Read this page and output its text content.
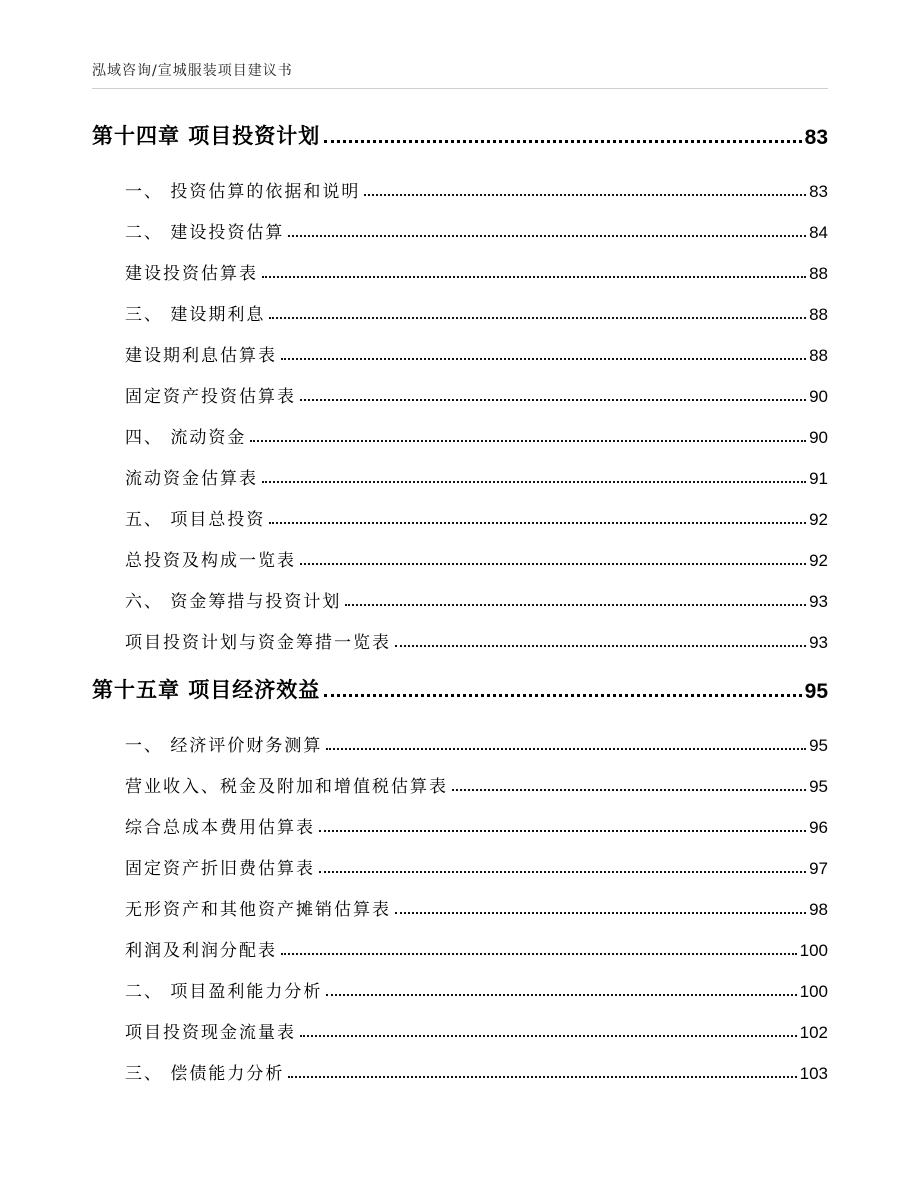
泓域咨询/宣城服装项目建议书
第十四章 项目投资计划	83
一、 投资估算的依据和说明	83
二、 建设投资估算	84
建设投资估算表	88
三、 建设期利息	88
建设期利息估算表	88
固定资产投资估算表	90
四、 流动资金	90
流动资金估算表	91
五、 项目总投资	92
总投资及构成一览表	92
六、 资金筹措与投资计划	93
项目投资计划与资金筹措一览表	93
第十五章 项目经济效益	95
一、 经济评价财务测算	95
营业收入、税金及附加和增值税估算表	95
综合总成本费用估算表	96
固定资产折旧费估算表	97
无形资产和其他资产摊销估算表	98
利润及利润分配表	100
二、 项目盈利能力分析	100
项目投资现金流量表	102
三、 偿债能力分析	103
